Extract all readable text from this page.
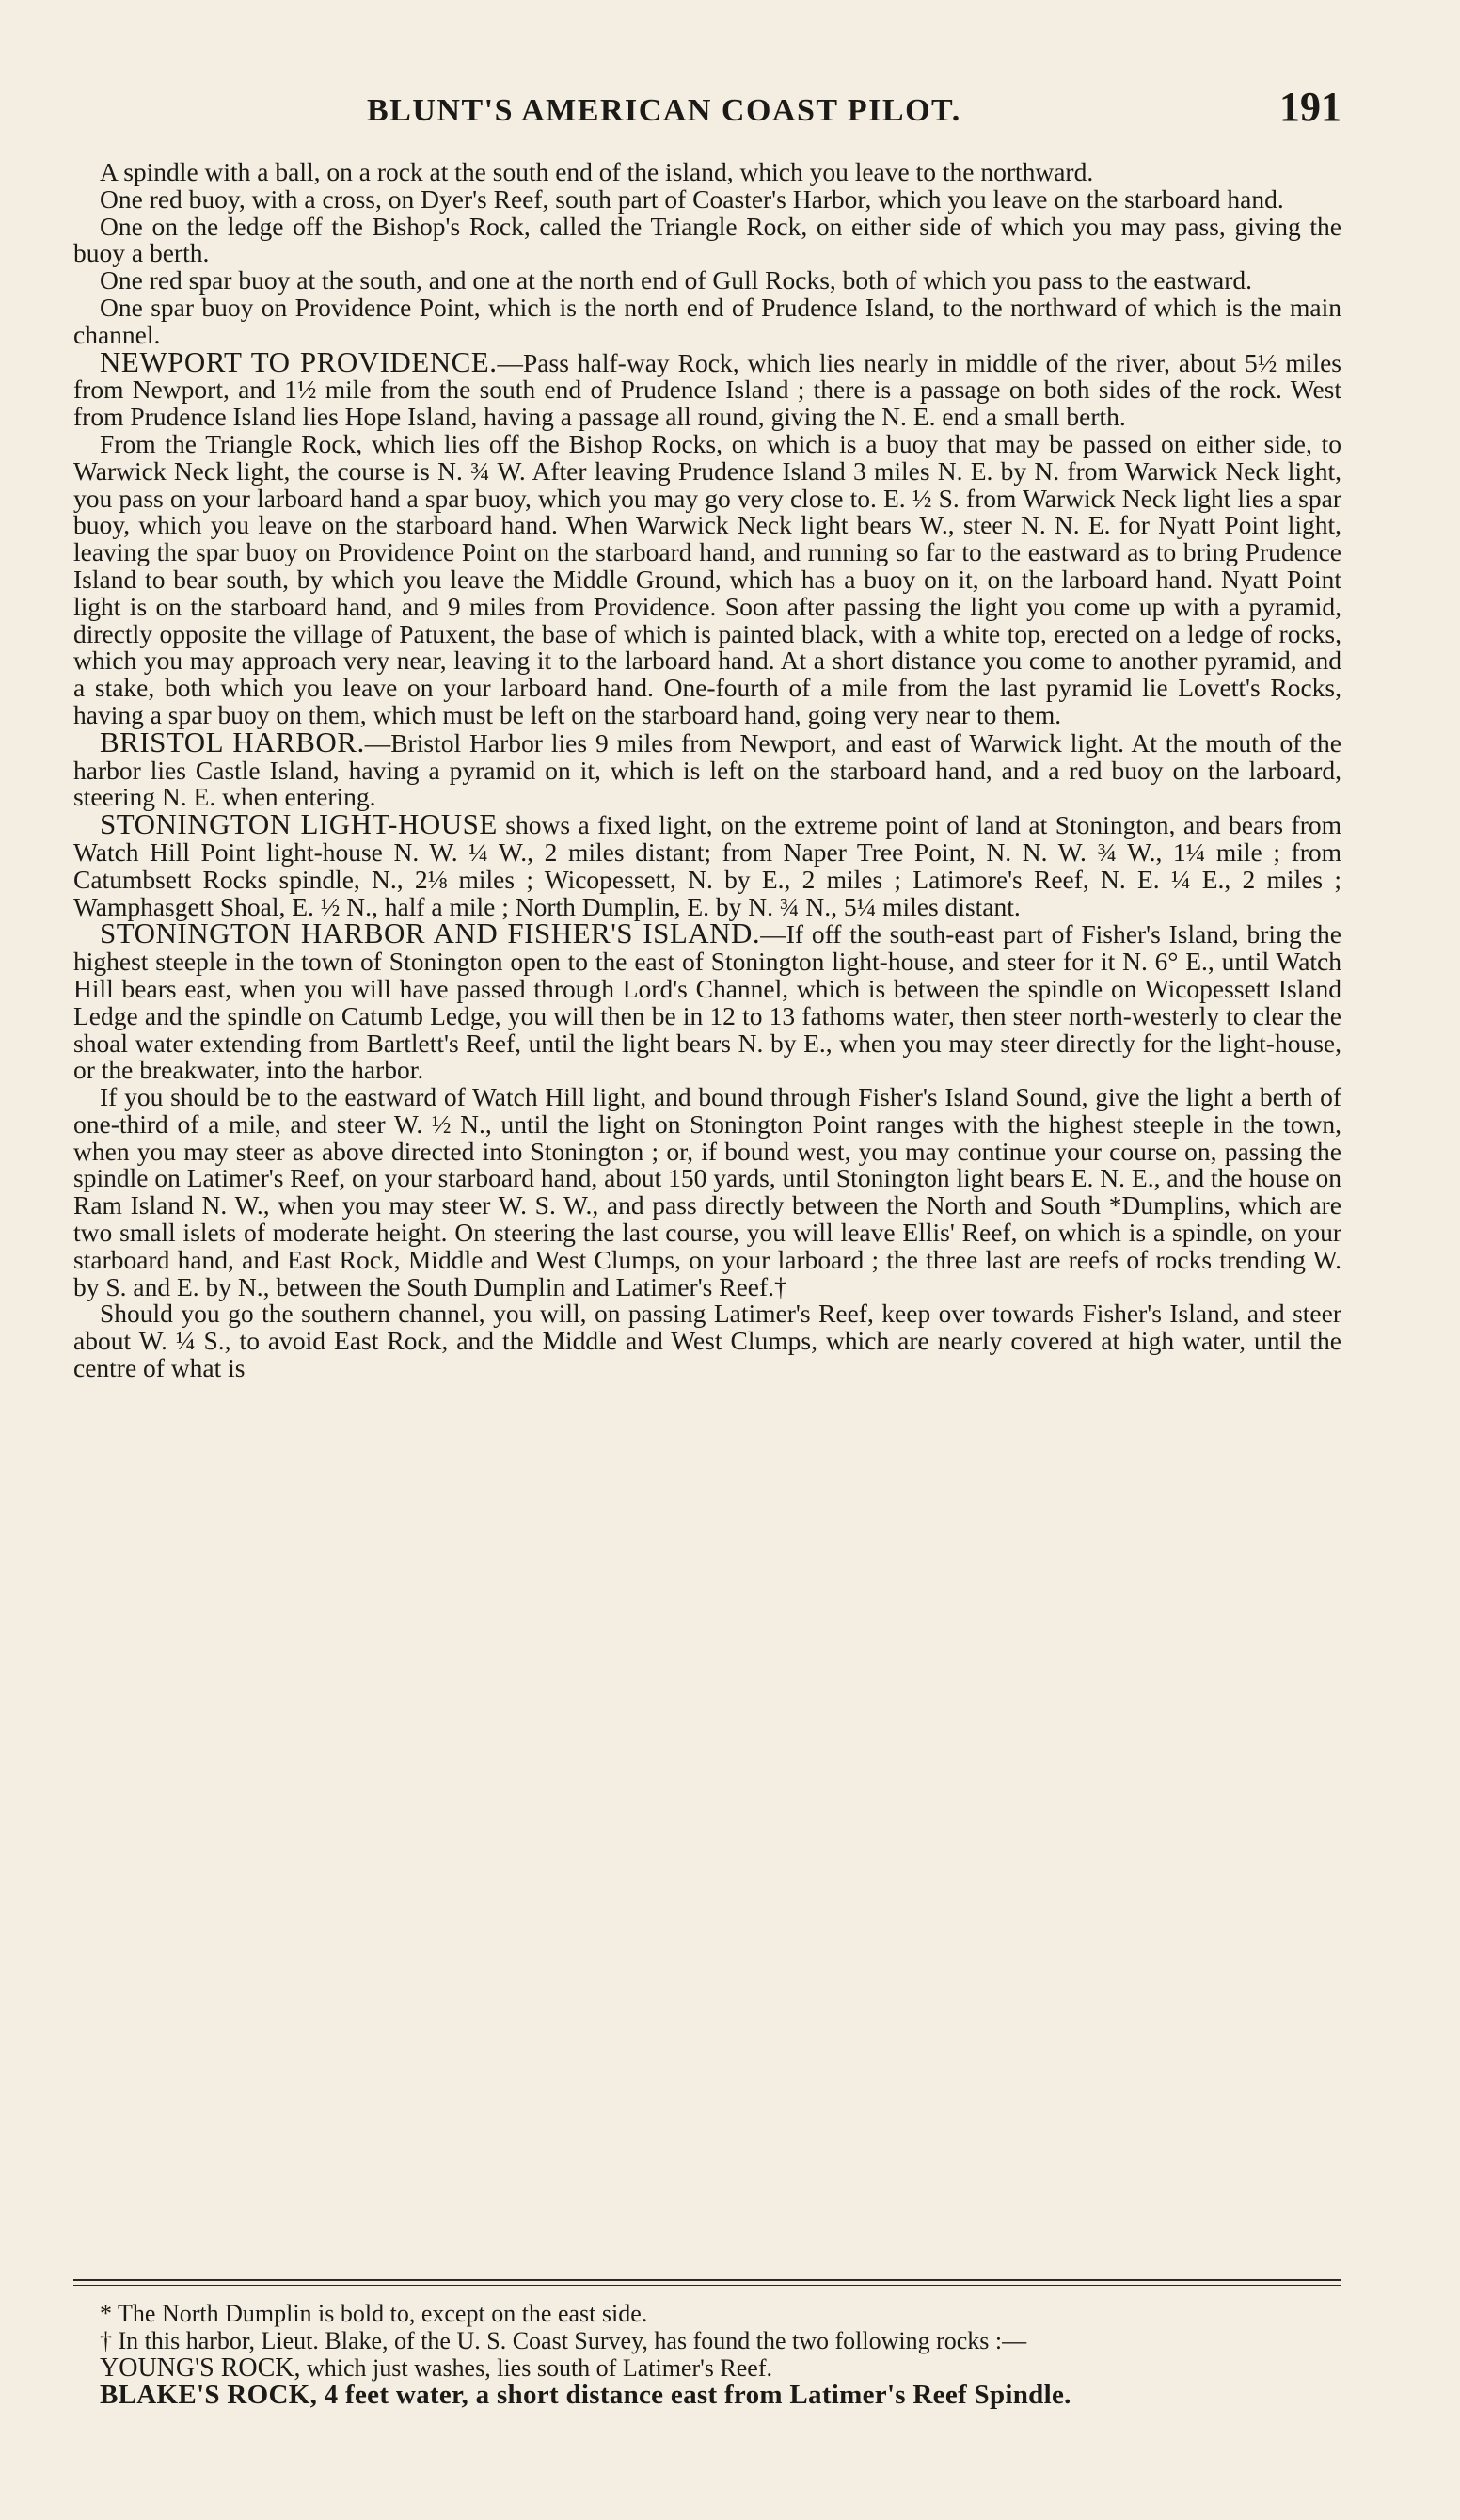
BLUNT'S AMERICAN COAST PILOT.	191

A spindle with a ball, on a rock at the south end of the island, which you leave to the northward.

One red buoy, with a cross, on Dyer's Reef, south part of Coaster's Harbor, which you leave on the starboard hand.

One on the ledge off the Bishop's Rock, called the Triangle Rock, on either side of which you may pass, giving the buoy a berth.

One red spar buoy at the south, and one at the north end of Gull Rocks, both of which you pass to the eastward.

One spar buoy on Providence Point, which is the north end of Prudence Island, to the northward of which is the main channel.

NEWPORT TO PROVIDENCE.—Pass half-way Rock, which lies nearly in middle of the river, about 5½ miles from Newport, and 1½ mile from the south end of Prudence Island ; there is a passage on both sides of the rock. West from Prudence Island lies Hope Island, having a passage all round, giving the N. E. end a small berth.

From the Triangle Rock, which lies off the Bishop Rocks, on which is a buoy that may be passed on either side, to Warwick Neck light, the course is N. ¾ W. After leaving Prudence Island 3 miles N. E. by N. from Warwick Neck light, you pass on your larboard hand a spar buoy, which you may go very close to. E. ½ S. from Warwick Neck light lies a spar buoy, which you leave on the starboard hand. When Warwick Neck light bears W., steer N. N. E. for Nyatt Point light, leaving the spar buoy on Providence Point on the starboard hand, and running so far to the eastward as to bring Prudence Island to bear south, by which you leave the Middle Ground, which has a buoy on it, on the larboard hand. Nyatt Point light is on the starboard hand, and 9 miles from Providence. Soon after passing the light you come up with a pyramid, directly opposite the village of Patuxent, the base of which is painted black, with a white top, erected on a ledge of rocks, which you may approach very near, leaving it to the larboard hand. At a short distance you come to another pyramid, and a stake, both which you leave on your larboard hand. One-fourth of a mile from the last pyramid lie Lovett's Rocks, having a spar buoy on them, which must be left on the starboard hand, going very near to them.

BRISTOL HARBOR.—Bristol Harbor lies 9 miles from Newport, and east of Warwick light. At the mouth of the harbor lies Castle Island, having a pyramid on it, which is left on the starboard hand, and a red buoy on the larboard, steering N. E. when entering.

STONINGTON LIGHT-HOUSE shows a fixed light, on the extreme point of land at Stonington, and bears from Watch Hill Point light-house N. W. ¼ W., 2 miles distant; from Naper Tree Point, N. N. W. ¾ W., 1¼ mile ; from Catumbsett Rocks spindle, N., 2⅛ miles ; Wicopessett, N. by E., 2 miles ; Latimore's Reef, N. E. ¼ E., 2 miles ; Wamphasgett Shoal, E. ½ N., half a mile ; North Dumplin, E. by N. ¾ N., 5¼ miles distant.

STONINGTON HARBOR AND FISHER'S ISLAND.—If off the south-east part of Fisher's Island, bring the highest steeple in the town of Stonington open to the east of Stonington light-house, and steer for it N. 6° E., until Watch Hill bears east, when you will have passed through Lord's Channel, which is between the spindle on Wicopessett Island Ledge and the spindle on Catumb Ledge, you will then be in 12 to 13 fathoms water, then steer north-westerly to clear the shoal water extending from Bartlett's Reef, until the light bears N. by E., when you may steer directly for the light-house, or the breakwater, into the harbor.

If you should be to the eastward of Watch Hill light, and bound through Fisher's Island Sound, give the light a berth of one-third of a mile, and steer W. ½ N., until the light on Stonington Point ranges with the highest steeple in the town, when you may steer as above directed into Stonington ; or, if bound west, you may continue your course on, passing the spindle on Latimer's Reef, on your starboard hand, about 150 yards, until Stonington light bears E. N. E., and the house on Ram Island N. W., when you may steer W. S. W., and pass directly between the North and South *Dumplins, which are two small islets of moderate height. On steering the last course, you will leave Ellis' Reef, on which is a spindle, on your starboard hand, and East Rock, Middle and West Clumps, on your larboard ; the three last are reefs of rocks trending W. by S. and E. by N., between the South Dumplin and Latimer's Reef.†

Should you go the southern channel, you will, on passing Latimer's Reef, keep over towards Fisher's Island, and steer about W. ¼ S., to avoid East Rock, and the Middle and West Clumps, which are nearly covered at high water, until the centre of what is

* The North Dumplin is bold to, except on the east side.

† In this harbor, Lieut. Blake, of the U. S. Coast Survey, has found the two following rocks :—

YOUNG'S ROCK, which just washes, lies south of Latimer's Reef.

BLAKE'S ROCK, 4 feet water, a short distance east from Latimer's Reef Spindle.
